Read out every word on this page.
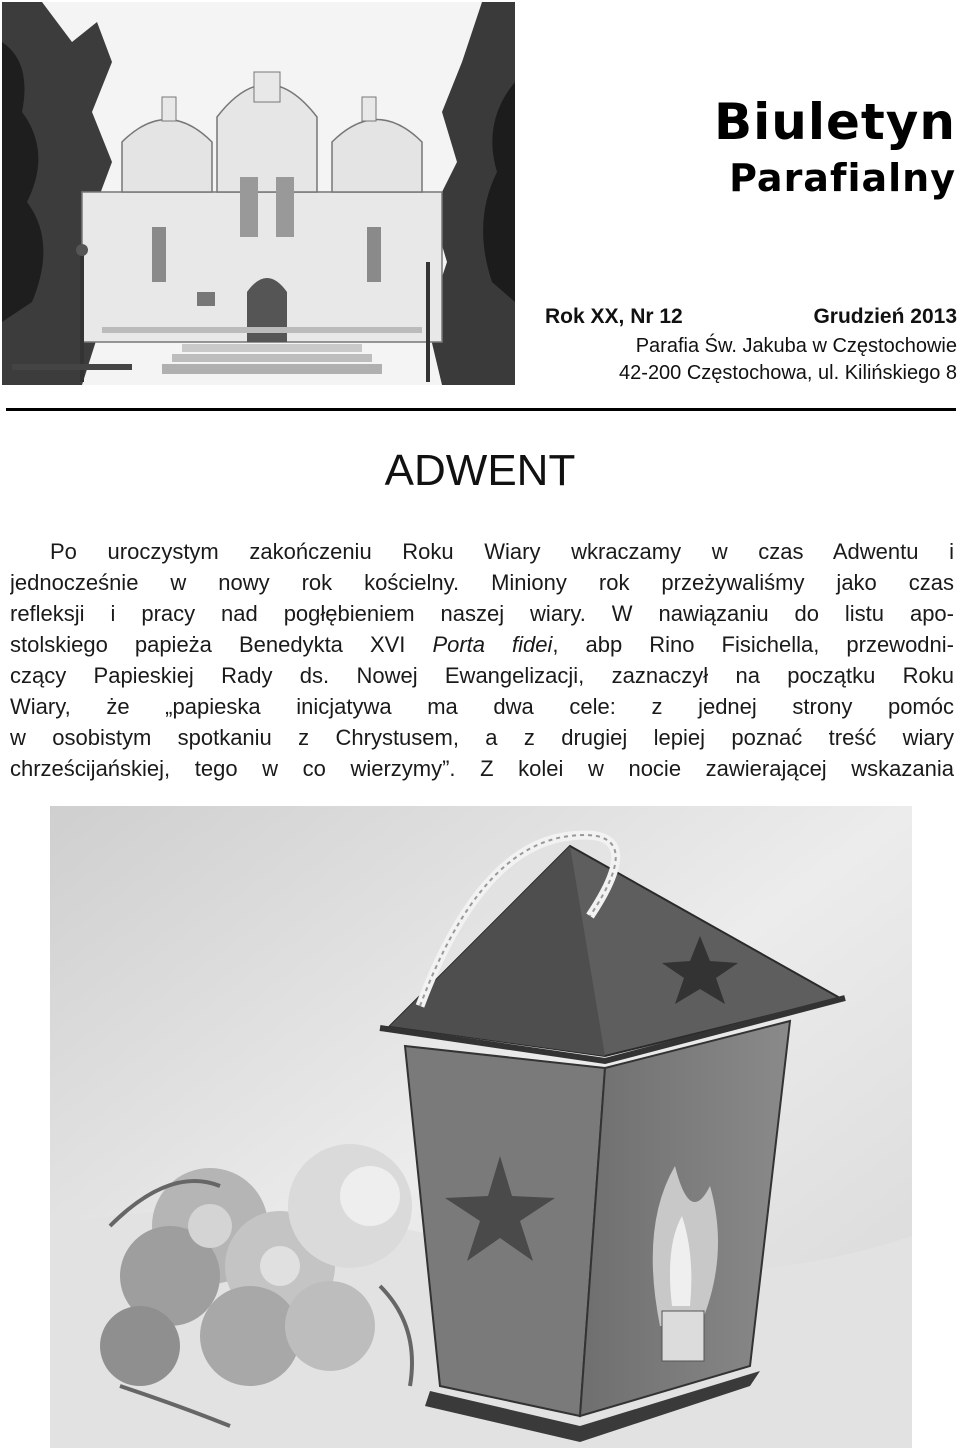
Biuletyn
Parafialny
Rok XX, Nr 12	Grudzień 2013
Parafia Św. Jakuba w Częstochowie
42-200 Częstochowa, ul. Kilińskiego 8
ADWENT
Po uroczystym zakończeniu Roku Wiary wkraczamy w czas Adwentu i
jednocześnie w nowy rok kościelny. Miniony rok przeżywaliśmy jako czas
refleksji i pracy nad pogłębieniem naszej wiary. W nawiązaniu do listu apo-
stolskiego papieża Benedykta XVI Porta fidei, abp Rino Fisichella, przewodni-
czący Papieskiej Rady ds. Nowej Ewangelizacji, zaznaczył na początku Roku
Wiary, że „papieska inicjatywa ma dwa cele: z jednej strony pomóc
w osobistym spotkaniu z Chrystusem, a z drugiej lepiej poznać treść wiary
chrześcijańskiej, tego w co wierzymy”. Z kolei w nocie zawierającej wskazania
